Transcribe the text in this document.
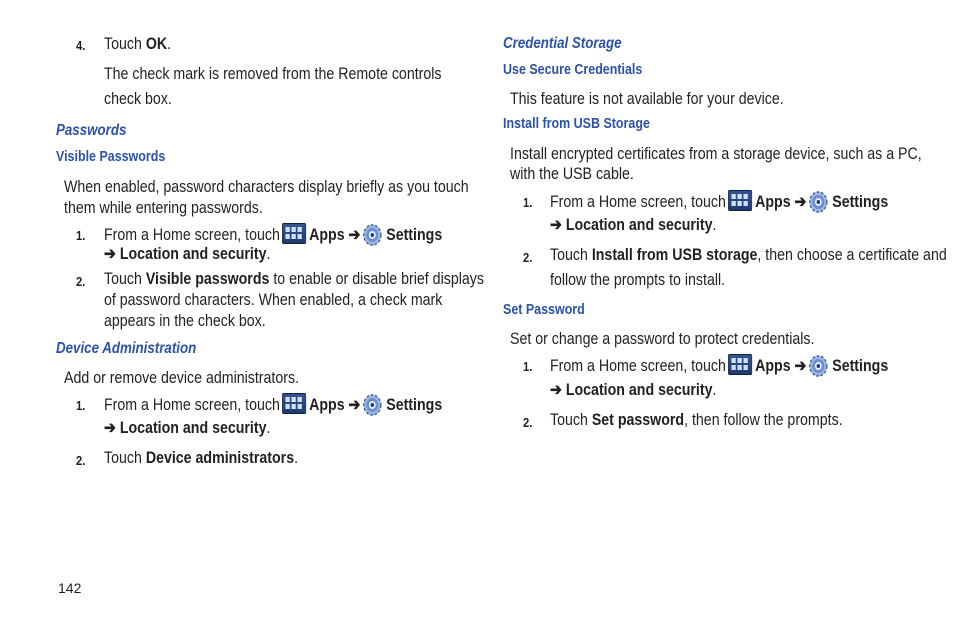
4. Touch OK.
The check mark is removed from the Remote controls
check box.
Passwords
Visible Passwords
When enabled, password characters display briefly as you touch
them while entering passwords.
1. From a Home screen, touch Apps ➔ Settings
➔ Location and security.
2. Touch Visible passwords to enable or disable brief displays
of password characters. When enabled, a check mark
appears in the check box.
Device Administration
Add or remove device administrators.
1. From a Home screen, touch Apps ➔ Settings
➔ Location and security.
2. Touch Device administrators.
Credential Storage
Use Secure Credentials
This feature is not available for your device.
Install from USB Storage
Install encrypted certificates from a storage device, such as a PC,
with the USB cable.
1. From a Home screen, touch Apps ➔ Settings
➔ Location and security.
2. Touch Install from USB storage, then choose a certificate and
follow the prompts to install.
Set Password
Set or change a password to protect credentials.
1. From a Home screen, touch Apps ➔ Settings
➔ Location and security.
2. Touch Set password, then follow the prompts.
142
